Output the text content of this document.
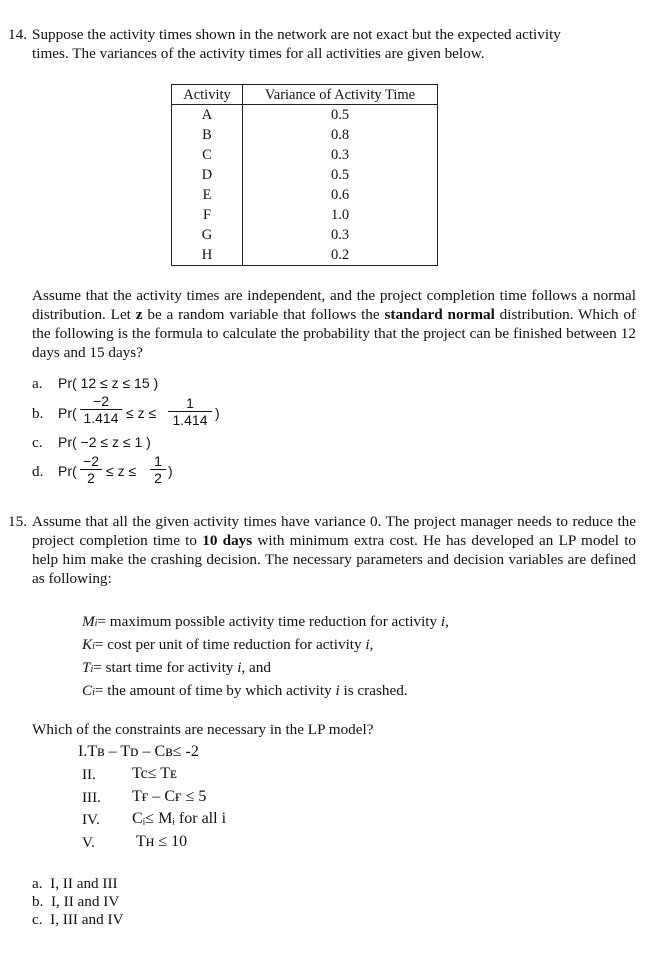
14. Suppose the activity times shown in the network are not exact but the expected activity
times. The variances of the activity times for all activities are given below.
Activity	Variance of Activity Time
A	0.5
B	0.8
C	0.3
D	0.5
E	0.6
F	1.0
G	0.3
H	0.2
Assume that the activity times are independent, and the project completion time follows a normal distribution. Let z be a random variable that follows the standard normal distribution. Which of the following is the formula to calculate the probability that the project can be finished between 12 days and 15 days?
a. Pr( 12 ≤ z ≤ 15 )
b. Pr(
−2
1.414 ≤ z ≤
1
1.414 )
c. Pr( −2 ≤ z ≤ 1 )
d. Pr(
−2
2 ≤ z ≤
1
2 )
15. Assume that all the given activity times have variance 0. The project manager needs to reduce the project completion time to 10 days with minimum extra cost. He has developed an LP model to help him make the crashing decision. The necessary parameters and decision variables are defined as following:
Mi= maximum possible activity time reduction for activity i,
Ki= cost per unit of time reduction for activity i,
Ti= start time for activity i, and
Ci= the amount of time by which activity i is crashed.
Which of the constraints are necessary in the LP model?
I.Tʙ – Tᴅ – Cʙ≤ -2
II. Tc≤ Tᴇ
III. Tғ – Cғ ≤ 5
IV. Cᵢ≤ Mᵢ for all i
V.	Tʜ ≤ 10
a. I, II and III
b. I, II and IV
c. I, III and IV
